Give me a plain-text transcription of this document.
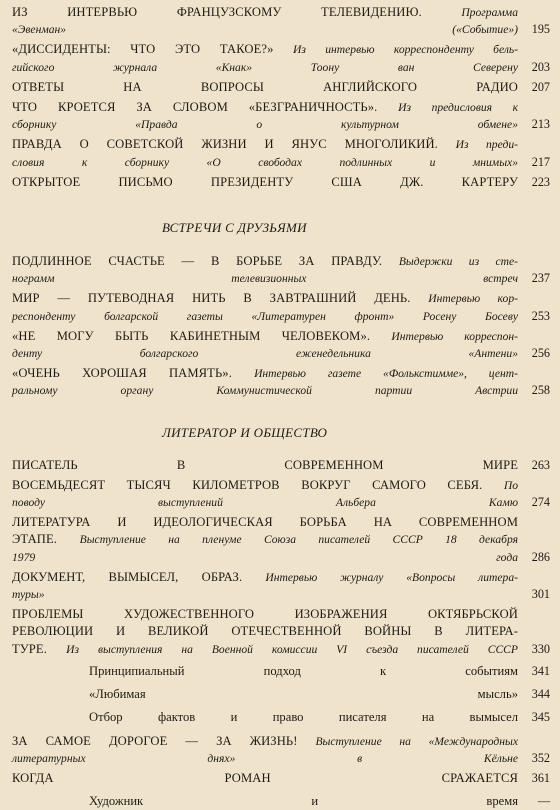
ИЗ ИНТЕРВЬЮ ФРАНЦУЗСКОМУ ТЕЛЕВИДЕНИЮ.	Программа
«Эвенман» («Событие») 195
«ДИССИДЕНТЫ: ЧТО ЭТО ТАКОЕ?» Из интервью корреспонденту бель-
гийского журнала «Кнак» Тоону ван Северену 203
ОТВЕТЫ НА ВОПРОСЫ АНГЛИЙСКОГО РАДИО 207
ЧТО КРОЕТСЯ ЗА СЛОВОМ «БЕЗГРАНИЧНОСТЬ». Из предисловия к
сборнику «Правда о культурном обмене» 213
ПРАВДА О СОВЕТСКОЙ ЖИЗНИ И ЯНУС МНОГОЛИКИЙ. Из преди-
словия к сборнику «О свободах подлинных и мнимых» 217
ОТКРЫТОЕ ПИСЬМО ПРЕЗИДЕНТУ США ДЖ. КАРТЕРУ 223
ВСТРЕЧИ С ДРУЗЬЯМИ
ПОДЛИННОЕ СЧАСТЬЕ — В БОРЬБЕ ЗА ПРАВДУ. Выдержки из сте-
нограмм телевизионных встреч 237
МИР — ПУТЕВОДНАЯ НИТЬ В ЗАВТРАШНИЙ ДЕНЬ. Интервью кор-
респонденту болгарской газеты «Литературен фронт» Росену Босеву 253
«НЕ МОГУ БЫТЬ КАБИНЕТНЫМ ЧЕЛОВЕКОМ». Интервью корреспон-
денту болгарского еженедельника «Антени» 256
«ОЧЕНЬ ХОРОШАЯ ПАМЯТЬ». Интервью газете «Фолькстимме», цент-
ральному органу Коммунистической партии Австрии 258
ЛИТЕРАТОР И ОБЩЕСТВО
ПИСАТЕЛЬ В СОВРЕМЕННОМ МИРЕ 263
ВОСЕМЬДЕСЯТ ТЫСЯЧ КИЛОМЕТРОВ ВОКРУГ САМОГО СЕБЯ. По
поводу выступлений Альбера Камю 274
ЛИТЕРАТУРА И ИДЕОЛОГИЧЕСКАЯ БОРЬБА НА СОВРЕМЕННОМ
ЭТАПЕ. Выступление на пленуме Союза писателей СССР 18 декабря
1979 года 286
ДОКУМЕНТ, ВЫМЫСЕЛ, ОБРАЗ. Интервью журналу «Вопросы литера-
туры»	301
ПРОБЛЕМЫ ХУДОЖЕСТВЕННОГО ИЗОБРАЖЕНИЯ ОКТЯБРЬСКОЙ
РЕВОЛЮЦИИ И ВЕЛИКОЙ ОТЕЧЕСТВЕННОЙ ВОЙНЫ В ЛИТЕРА-
ТУРЕ. Из выступления на Военной комиссии VI съезда писателей СССР 330
Принципиальный подход к событиям 341
«Любимая мысль» 344
Отбор фактов и право писателя на вымысел 345
ЗА САМОЕ ДОРОГОЕ — ЗА ЖИЗНЬ! Выступление на «Международных
литературных днях» в Кёльне 352
КОГДА РОМАН СРАЖАЕТСЯ 361
Художник и время —
